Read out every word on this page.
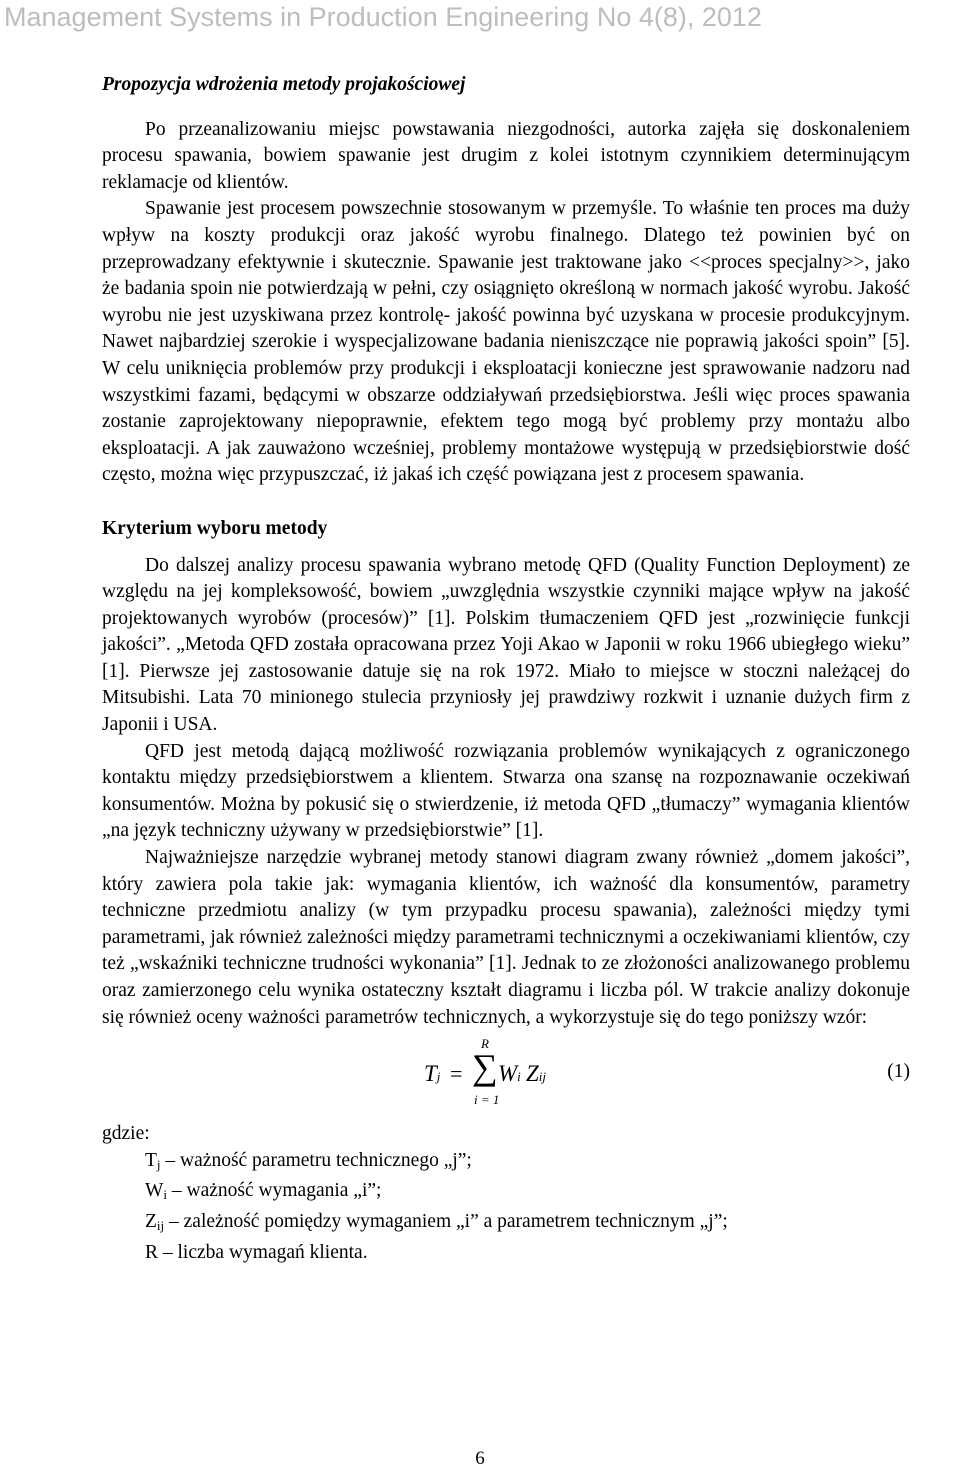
Management Systems in Production Engineering No 4(8), 2012
Propozycja wdrożenia metody projakościowej

Po przeanalizowaniu miejsc powstawania niezgodności, autorka zajęła się doskonaleniem procesu spawania, bowiem spawanie jest drugim z kolei istotnym czynnikiem determinującym reklamacje od klientów.

Spawanie jest procesem powszechnie stosowanym w przemyśle. To właśnie ten proces ma duży wpływ na koszty produkcji oraz jakość wyrobu finalnego. Dlatego też powinien być on przeprowadzany efektywnie i skutecznie. Spawanie jest traktowane jako <<proces specjalny>>, jako że badania spoin nie potwierdzają w pełni, czy osiągnięto określoną w normach jakość wyrobu. Jakość wyrobu nie jest uzyskiwana przez kontrolę- jakość powinna być uzyskana w procesie produkcyjnym. Nawet najbardziej szerokie i wyspecjalizowane badania nieniszczące nie poprawią jakości spoin” [5]. W celu uniknięcia problemów przy produkcji i eksploatacji konieczne jest sprawowanie nadzoru nad wszystkimi fazami, będącymi w obszarze oddziaływań przedsiębiorstwa. Jeśli więc proces spawania zostanie zaprojektowany niepoprawnie, efektem tego mogą być problemy przy montażu albo eksploatacji. A jak zauważono wcześniej, problemy montażowe występują w przedsiębiorstwie dość często, można więc przypuszczać, iż jakaś ich część powiązana jest z procesem spawania.

Kryterium wyboru metody

Do dalszej analizy procesu spawania wybrano metodę QFD (Quality Function Deployment) ze względu na jej kompleksowość, bowiem „uwzględnia wszystkie czynniki mające wpływ na jakość projektowanych wyrobów (procesów)” [1]. Polskim tłumaczeniem QFD jest „rozwinięcie funkcji jakości”. „Metoda QFD została opracowana przez Yoji Akao w Japonii w roku 1966 ubiegłego wieku” [1]. Pierwsze jej zastosowanie datuje się na rok 1972. Miało to miejsce w stoczni należącej do Mitsubishi. Lata 70 minionego stulecia przyniosły jej prawdziwy rozkwit i uznanie dużych firm z Japonii i USA.

QFD jest metodą dającą możliwość rozwiązania problemów wynikających z ograniczonego kontaktu między przedsiębiorstwem a klientem. Stwarza ona szansę na rozpoznawanie oczekiwań konsumentów. Można by pokusić się o stwierdzenie, iż metoda QFD „tłumaczy” wymagania klientów „na język techniczny używany w przedsiębiorstwie” [1].

Najważniejsze narzędzie wybranej metody stanowi diagram zwany również „domem jakości”, który zawiera pola takie jak: wymagania klientów, ich ważność dla konsumentów, parametry techniczne przedmiotu analizy (w tym przypadku procesu spawania), zależności między tymi parametrami, jak również zależności między parametrami technicznymi a oczekiwaniami klientów, czy też „wskaźniki techniczne trudności wykonania” [1]. Jednak to ze złożoności analizowanego problemu oraz zamierzonego celu wynika ostateczny kształt diagramu i liczba pól. W trakcie analizy dokonuje się również oceny ważności parametrów technicznych, a wykorzystuje się do tego poniższy wzór:

Tj =
R
∑
i = 1
Wi Zij	(1)
gdzie:
$T_j$ – ważność parametru technicznego „j”;
$W_i$ – ważność wymagania „i”;
$Z_{ij}$ – zależność pomiędzy wymaganiem „i” a parametrem technicznym „j”;
R – liczba wymagań klienta.
6
